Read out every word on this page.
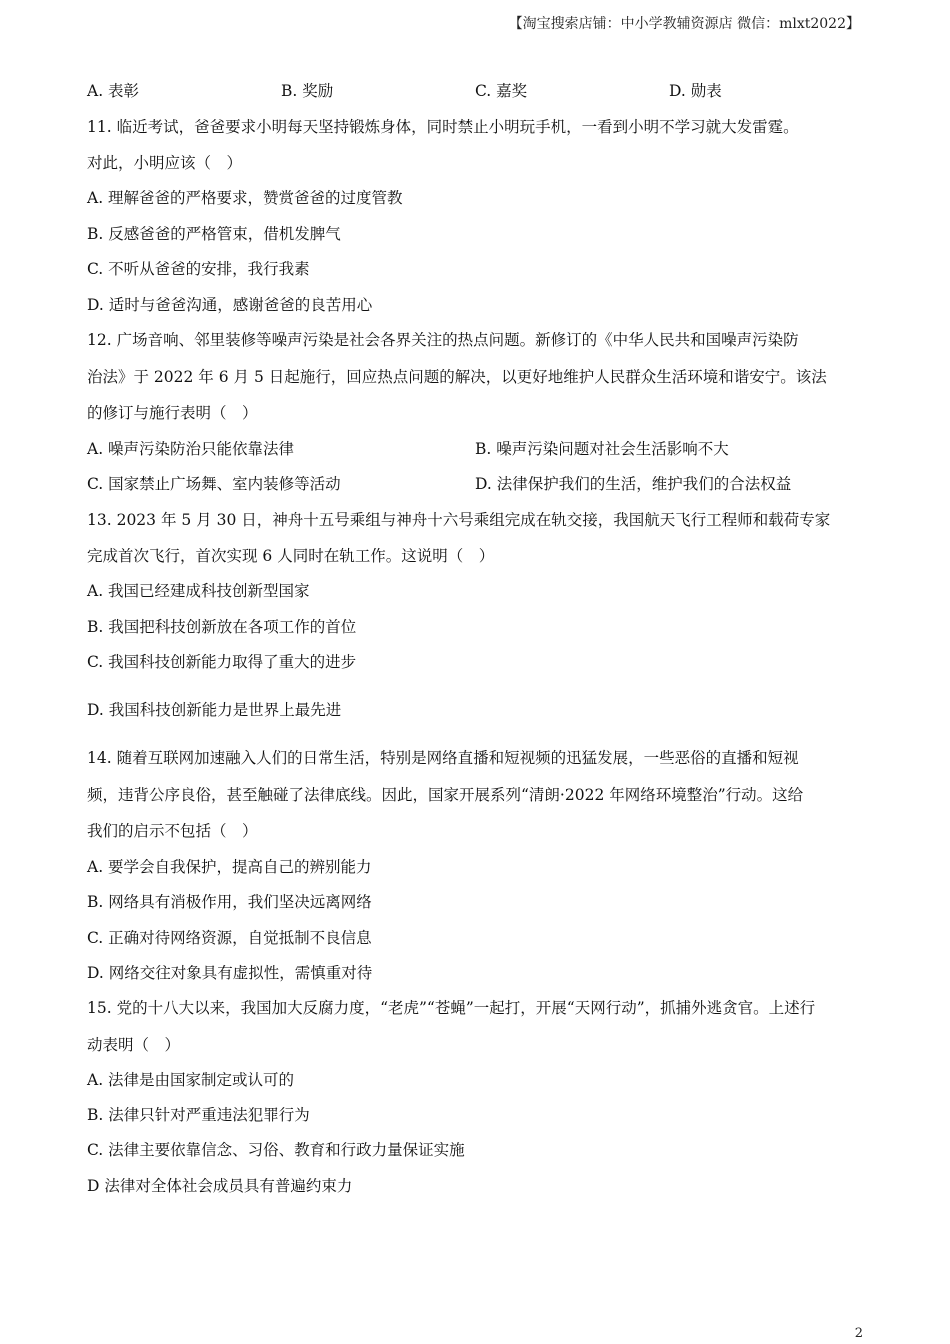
【淘宝搜索店铺：中小学教辅资源店 微信：mlxt2022】
A. 表彰	B. 奖励	C. 嘉奖	D. 勋表
11. 临近考试，爸爸要求小明每天坚持锻炼身体，同时禁止小明玩手机，一看到小明不学习就大发雷霆。
对此，小明应该（　）
A. 理解爸爸的严格要求，赞赏爸爸的过度管教
B. 反感爸爸的严格管束，借机发脾气
C. 不听从爸爸的安排，我行我素
D. 适时与爸爸沟通，感谢爸爸的良苦用心
12. 广场音响、邻里装修等噪声污染是社会各界关注的热点问题。新修订的《中华人民共和国噪声污染防
治法》于 2022 年 6 月 5 日起施行，回应热点问题的解决，以更好地维护人民群众生活环境和谐安宁。该法
的修订与施行表明（　）
A. 噪声污染防治只能依靠法律	B. 噪声污染问题对社会生活影响不大
C. 国家禁止广场舞、室内装修等活动	D. 法律保护我们的生活，维护我们的合法权益
13. 2023 年 5 月 30 日，神舟十五号乘组与神舟十六号乘组完成在轨交接，我国航天飞行工程师和载荷专家
完成首次飞行，首次实现 6 人同时在轨工作。这说明（　）
A. 我国已经建成科技创新型国家
B. 我国把科技创新放在各项工作的首位
C. 我国科技创新能力取得了重大的进步
D. 我国科技创新能力是世界上最先进
14. 随着互联网加速融入人们的日常生活，特别是网络直播和短视频的迅猛发展，一些恶俗的直播和短视
频，违背公序良俗，甚至触碰了法律底线。因此，国家开展系列“清朗·2022 年网络环境整治”行动。这给
我们的启示不包括（　）
A. 要学会自我保护，提高自己的辨别能力
B. 网络具有消极作用，我们坚决远离网络
C. 正确对待网络资源，自觉抵制不良信息
D. 网络交往对象具有虚拟性，需慎重对待
15. 党的十八大以来，我国加大反腐力度，“老虎”“苍蝇”一起打，开展“天网行动”，抓捕外逃贪官。上述行
动表明（　）
A. 法律是由国家制定或认可的
B. 法律只针对严重违法犯罪行为
C. 法律主要依靠信念、习俗、教育和行政力量保证实施
D 法律对全体社会成员具有普遍约束力
2
